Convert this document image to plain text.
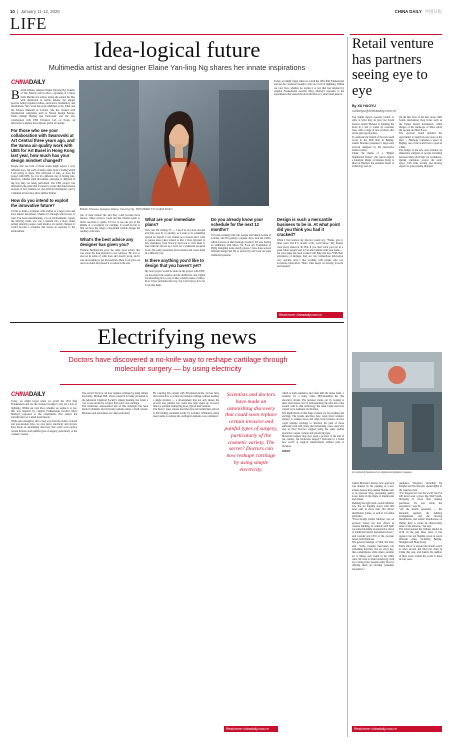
10  |  January 11-12, 2020	CHINA DAILY 中国日报
LIFE
Idea-logical future
Multimedia artist and designer Elaine Yan-ling Ng shares her innate inspirations
CHINADAILY

British-Chinese designer Elaine Yan-ling Ng, founder of The Fabrick Lab in 2012, a graduate of Central Saint Martins in London, where she earned her MA with distinction in textile futures; her unique practice brings together textiles, electronics, biomimicry and installations. Ng's work has been exhibited at the V&A and the Science Museum in London. She has worked with international companies such as Nissan Design Europe, Nokia Design Beijing and Swarovski, and she also collaborated with UBS Evidence Lab on Notes, an innovative sculpture that explores global air quality.

For those who see your collaboration with Swarovski at Art Central three years ago, and the Vanna air-quality work with UBS for Art Basel in Hong Kong last year, how much has your design mindset changed?

People who see both of these works might expect a very different story, but each of them comes from a feeling which I am trying to share. The reflection of data, as does the project with UBS. So, it is in a different way of having data, therefore, whether fluid movement, analogue or digitised in the way they are being performed. The UBS project was different in the sense that I wanted to create that link between sections of how humans act and artificial intelligence can be combined in how they share similar themes.

How do you intend to exploit the innovative future?

I'd like to make a sculpture with textiles as a larger scale and have kinetic movement, whether it's through wind power or solar. I've been experimenting, a lot of environments; I guess the Moving works was one I realised into a more visual setting whereby people could monitor air quality changes. It would become a sculpture that moves in response to the environment.

British-Chinese designer Elaine Yan-ling Ng. PROVIDED TO CHINA DAILY

Today, we might forget when we watch the 1891 film Frankenstein and see the creatures brought to life via a bolt of lightning. Within our own lives, whether we realise it or not, that was inspired by original Frankenstein novelist Mary Shelley's exposure to the experiments that started the electrification of a small dead muscle.

part of their natural life and they could become more sincere. These projects could become lifesize again to invite reactions to guide. I'd love to see one put in the middle of a woodland, for example. It would be fun to find out how the fungi or mycelium strands change the reading of the data.

What's the best advice any designer has given you?

Thomas Heatherwick gave me some good advice that was about the best material to use outdoors. He was so spot-on in terms of what does and doesn't work, and it was encouraging to get his feedback. Here I can grow out one in London and passed it to nature in the end.

What are your immediate plans?

This year I'm turning 35 — I feel I've not done enough and time goes by so quickly, so I want to do something special for myself. I was trained as a weaver and I want to pursue more ideas related to that. I have invested in new machinery from Norway and look to craft them to bare with me and set up a front for a traditional jacquard loom. I'm really passionate about textiles and create them in a different way.

Is there anything you'd like to design that you haven't yet?

My next project would be more in the project with UBS, we developed the readers and the dashboard, and I think it's interesting how a way to like a mobile sense of office, hi-fi. I have problems that way, but I don't know how far I can take them.

Do you already know your schedule for the next 12 months?

I've been working with Luis Gaspar and Simon Gottrie of London, and I'm getting a popular show near the 1950s, which focuses on their heritage products. I'm also having an exhibition with Dhow Tal Fook Art Foundation at PMQ, designing some trendy pieces. I have done several different design and I'm so excited by and work on some traditional patterns.

Design is such a mercantile business to be in. At what point did you think you had it cracked?

When I first started, my director would say, "Elaine, give it three years and if it doesn't work, you'll know." My friends were pretty united at 30. But, if you don't stick your pot in a point where people start to become familiar with your name — but your name has been worked with Ping Ant now. With their experience of heritage, they are very tremendous innovation very quickly. And I like working with people who can accelerate innovation. That's what keeps us moving forward and inspired.

Read more: chinadaily.com.cn
Retail venture has partners seeing eye to eye
By XU HAOYU
xuhaoyu@chinadaily.com.cn

You might expect eyewear brands to stick to what they do best, but South Korea's Gentle Monster is breaking the mold in a bid to widen its customer base, with a range of new products that stores span age brackets.

To celebrate the launch of the new south tower in the SKP mall in Beijing, Gentle Monster presented a large-scale artwork designed by the innovative brand recently.

Under the theme of a "Digital Stimulation Future", the canvas depicts a futuristic image of humans living at Mars in Martian, the seamless blend of technology and art.

On the first floor of the new seven, SKP South, mechanical shop floats such as the Future Retail installation, while images of the landscape of Mars adorn the second and third floors.

The eyewear brand grabbed the opportunity to launch its new store at the mall — Harmony Cartesian a space in Beijing, one of the world's ten to open in China.

The design of the new store features an immersive sculpture of people travelling between Mars and Earth via wormholes. Quirky sculptures project the retail space, with arms waving and moving objects to greet passing shoppers.

An artwork featured on digital-simulation images.

Gentle Monster's diverse new approach was marked by the opening of a new artisan dessert shop named Nudake next to its eyewear shop, presenting quirky sweet items in the shape of mushrooms and donuts.

Running the right team, Gentle Monster now has 22 flagship stores with 400 sales staff in more than 100 officer distribution points, as well as 19 online platforms.

"Even though Gentle Monster was an eyewear brand, our new efforts in creative thinking, in common with SKP, we started planning an alternative vision of traditional luxury department stores," said founder and CEO of the eyewear brand, Kim Hankook.

The general manager of SKP, Xie Dan, said, "Some consider innovation, but something that they care are every day, like a smartphone, while others consider art or things only found in the white cube. We want to blend technology with art to bring it into people's daily lives by offering them an exciting consumer experience."

Audience: Shoppers, including Xu Fengfei and Wu Xiaoyin, speak highly of the creative event.

"I've shopped all over the world, but I've still never seen a place like SKP South. Shopping is more than making purchases. It's also about the experience," says Xi.

"All the details presented — the materials applied, the lighting arrangements, and the moving installations, and artistic installations on display help to create an otherworldly sense of the universe," Xu says.

The brand entered the Chinese market in 2016. In the past three years, it has opened over ten flagship stores in seven different cities, including Beijing, Shanghai and Hong Kong.

Kim's aim is to expand the brand's reach to other second and third tier cities in China this year, and double the number of their stores around the world to three in four years.

Read more: chinadaily.com.cn
Electrifying news
Doctors have discovered a no-knife way to reshape cartilage through molecular surgery — by using electricity
CHINADAILY

Today, we might forget when we watch the 1931 film Frankenstein and see the creature brought to life via a bolt of lightning. Within our own lives, whether we realise it or not, that was inspired by original Frankenstein novelist Mary Shelley's exposure to the experiments that started the electrification of a small dead muscle.

While pure strength is still a long way from the reality of death and post-modern days, we now know electricity and doctors have made an astonishing discovery that could soon replace certain invasive and painful types of surgery, particularly of the cosmetic variety.

The secret? Doctors can now reshape cartilage by using simple electricity. Michael Hill, whose research is being presented at the American Chemical Society's annual meeting, has found a way to use electricity to inject the body's own cartilage.

The traditional, unrestrained part of this technique has been made in multiple and obviously patients using a small current. Because such procedures are often performed.

By coupling this current with 3D-printed molds, doctors have discovered how to soften and reshape cartilage without needing a single incision — a development that not only makes the process less painful, but could also help speed up recovery time for patients undergoing more typical interventions.

The theory: press release describes how lab technicians arrived at this finding, moments totally by accident. Ordinarily, using laser beams to reshape the cartilage in patients was considered.

which is both expensive and often kills the tissue itself, a scientist, for a really value, Hill-Steadman has this electrical current. The pressure works out by looking at these electrolysis, but by demonstrating the tube that come around with it, this technology the team found electrical current to be reshaped and molded.

The implications of this huge accident are far-reaching and exciting. The beside describes how, aside from cosmetic surgery to reshape noses and other body features, doctors could reshape cartilage to alleviate the pain of those suffering from stiff joints and devastating cases. And why stop at that? Doctors suggest using the same studies upwards to repair corneas and prevent myopia.

Molecular surgery may now seem a product of the end of our century, but molecular surgery? Welcome to a brand new world of surgical enhancement without pain or invasion.

GWLP

Scientists and doctors have made an astonishing discovery that could soon replace certain invasive and painful types of surgery, particularly of the cosmetic variety. The secret? Doctors can now reshape cartilage by using simple electricity.
Read more: chinadaily.com.cn
